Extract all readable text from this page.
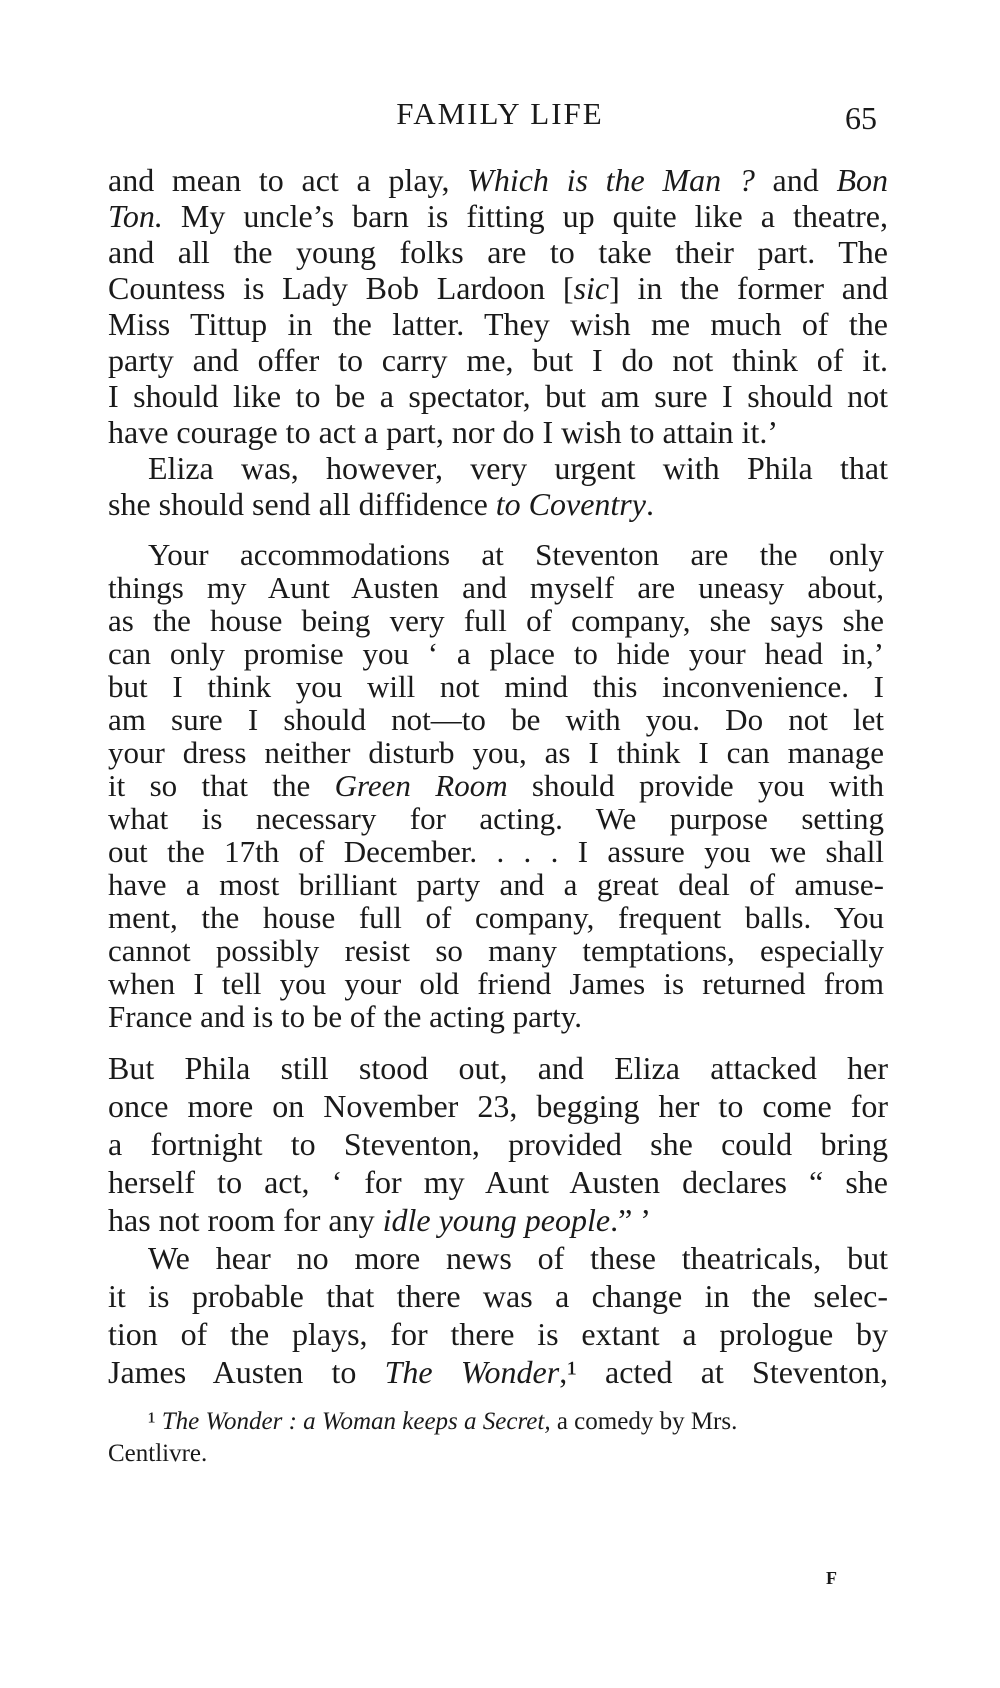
FAMILY LIFE	65
and mean to act a play, Which is the Man ? and Bon
Ton. My uncle’s barn is fitting up quite like a theatre,
and all the young folks are to take their part. The
Countess is Lady Bob Lardoon [sic] in the former and
Miss Tittup in the latter. They wish me much of the
party and offer to carry me, but I do not think of it.
I should like to be a spectator, but am sure I should not
have courage to act a part, nor do I wish to attain it.’
Eliza was, however, very urgent with Phila that
she should send all diffidence to Coventry.
Your accommodations at Steventon are the only
things my Aunt Austen and myself are uneasy about,
as the house being very full of company, she says she
can only promise you ‘ a place to hide your head in,’
but I think you will not mind this inconvenience. I
am sure I should not—to be with you. Do not let
your dress neither disturb you, as I think I can manage
it so that the Green Room should provide you with
what is necessary for acting. We purpose setting
out the 17th of December. . . . I assure you we shall
have a most brilliant party and a great deal of amuse-
ment, the house full of company, frequent balls. You
cannot possibly resist so many temptations, especially
when I tell you your old friend James is returned from
France and is to be of the acting party.
But Phila still stood out, and Eliza attacked her
once more on November 23, begging her to come for
a fortnight to Steventon, provided she could bring
herself to act, ‘ for my Aunt Austen declares “ she
has not room for any idle young people.” ’
We hear no more news of these theatricals, but
it is probable that there was a change in the selec-
tion of the plays, for there is extant a prologue by
James Austen to The Wonder,¹ acted at Steventon,
¹ The Wonder : a Woman keeps a Secret, a comedy by Mrs.
Centlivre.
F
